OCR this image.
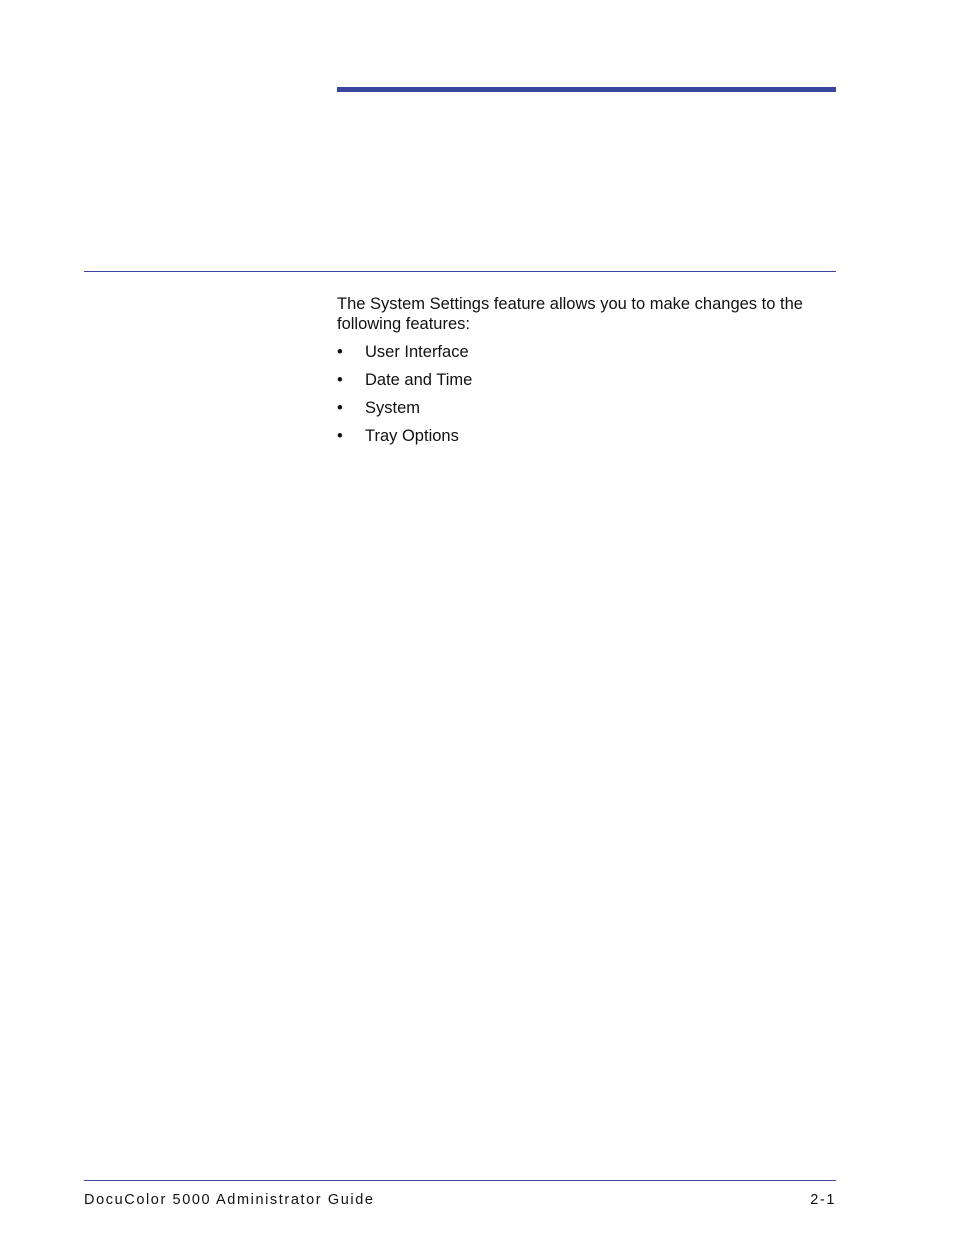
The System Settings feature allows you to make changes to the following features:

• User Interface
• Date and Time
• System
• Tray Options
DocuColor 5000 Administrator Guide	2-1
